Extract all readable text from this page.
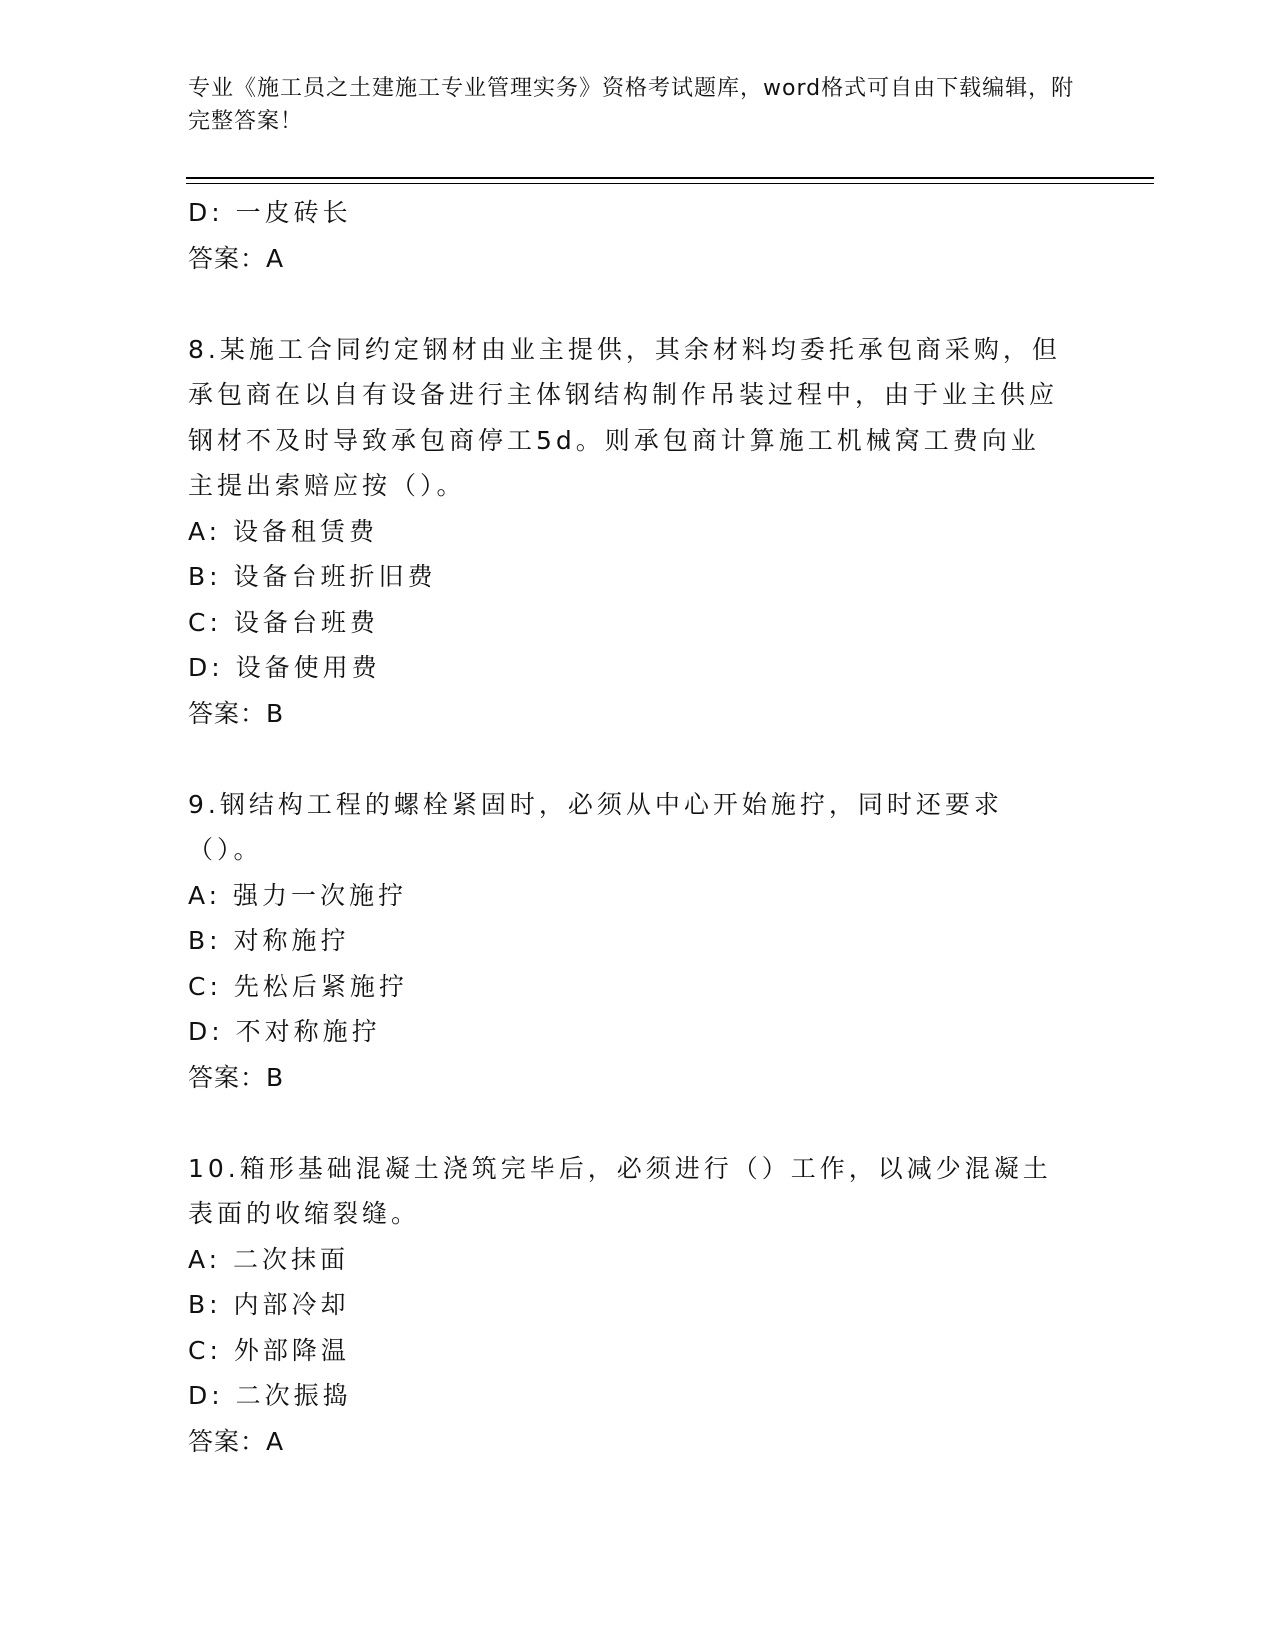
专业《施工员之土建施工专业管理实务》资格考试题库，word格式可自由下载编辑，附完整答案！
D: 一皮砖长
答案：A
8.某施工合同约定钢材由业主提供，其余材料均委托承包商采购，但承包商在以自有设备进行主体钢结构制作吊装过程中，由于业主供应钢材不及时导致承包商停工5d。则承包商计算施工机械窝工费向业主提出索赔应按（）。
A: 设备租赁费
B: 设备台班折旧费
C: 设备台班费
D: 设备使用费
答案：B
9.钢结构工程的螺栓紧固时，必须从中心开始施拧，同时还要求（）。
A: 强力一次施拧
B: 对称施拧
C: 先松后紧施拧
D: 不对称施拧
答案：B
10.箱形基础混凝土浇筑完毕后，必须进行（）工作，以减少混凝土表面的收缩裂缝。
A: 二次抹面
B: 内部冷却
C: 外部降温
D: 二次振捣
答案：A
